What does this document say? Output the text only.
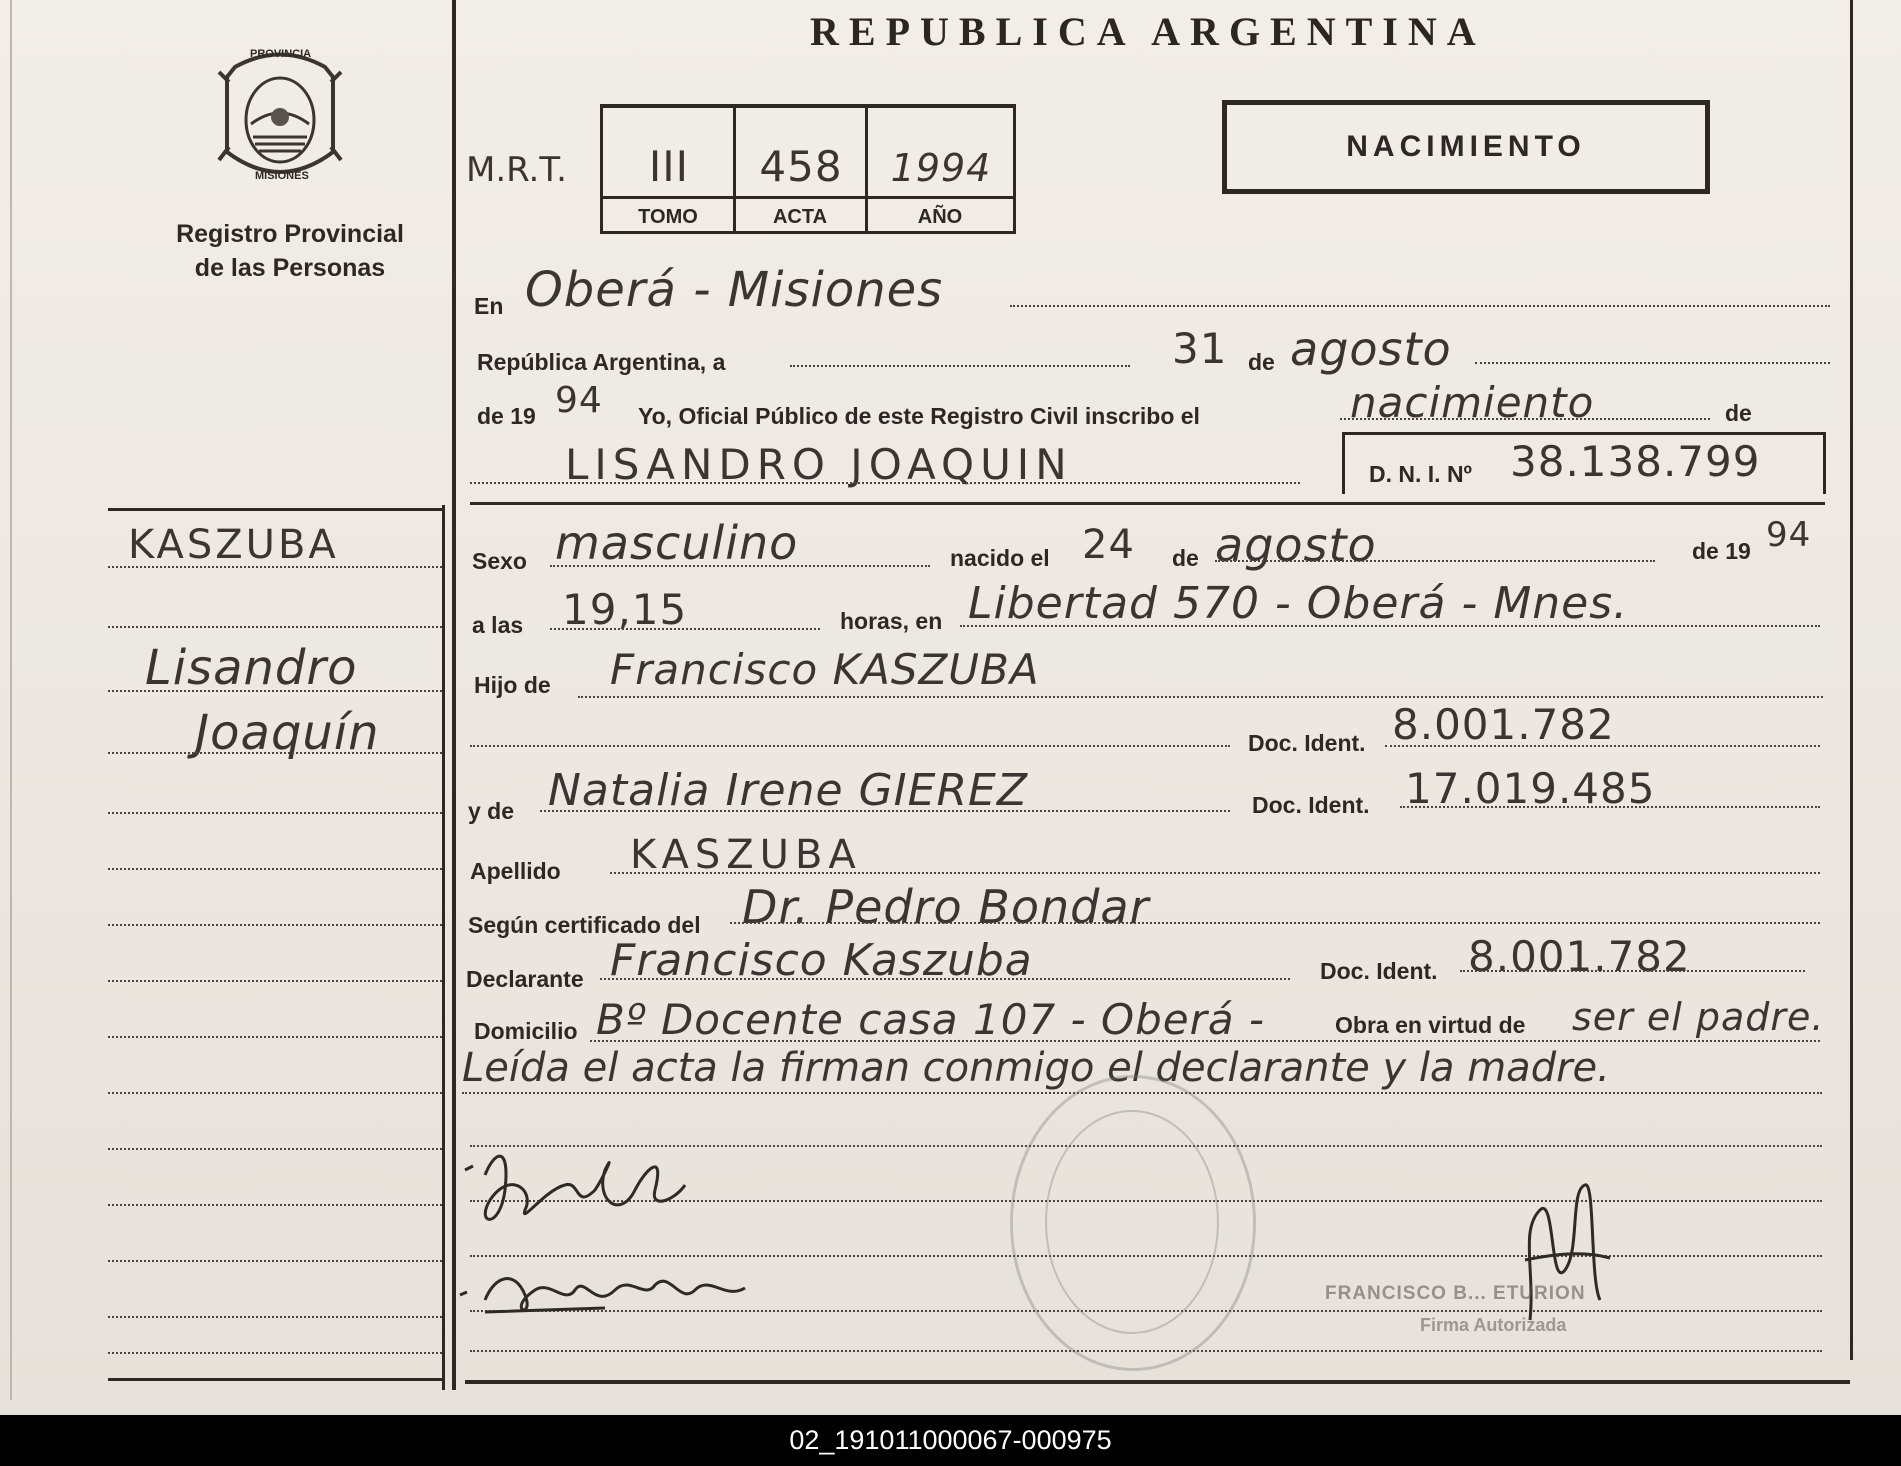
PROVINCIA
MISIONES
Registro Provincial
de las Personas
REPUBLICA ARGENTINA
NACIMIENTO
M.R.T.	III	458	1994
TOMO	ACTA	AÑO
En Oberá - Misiones
República Argentina, a	31 de agosto
de 19 94 Yo, Oficial Público de este Registro Civil inscribo el	nacimiento	de
LISANDRO JOAQUIN	D. N. I. Nº 38.138.799
Sexo masculino	nacido el 24 de agosto	de 19 94
a las 19,15	horas, en Libertad 570 - Oberá - Mnes.
Hijo de Francisco KASZUBA
Doc. Ident. 8.001.782
y de Natalia Irene GIEREZ	Doc. Ident. 17.019.485
Apellido KASZUBA
Según certificado del Dr. Pedro Bondar
Declarante Francisco Kaszuba	Doc. Ident. 8.001.782
Domicilio Bº Docente casa 107 - Oberá -	Obra en virtud de ser el padre.
Leída el acta la firman conmigo el declarante y la madre.
KASZUBA
Lisandro
Joaquín
FRANCISCO B... ETURION
Firma Autorizada
02_191011000067-000975
